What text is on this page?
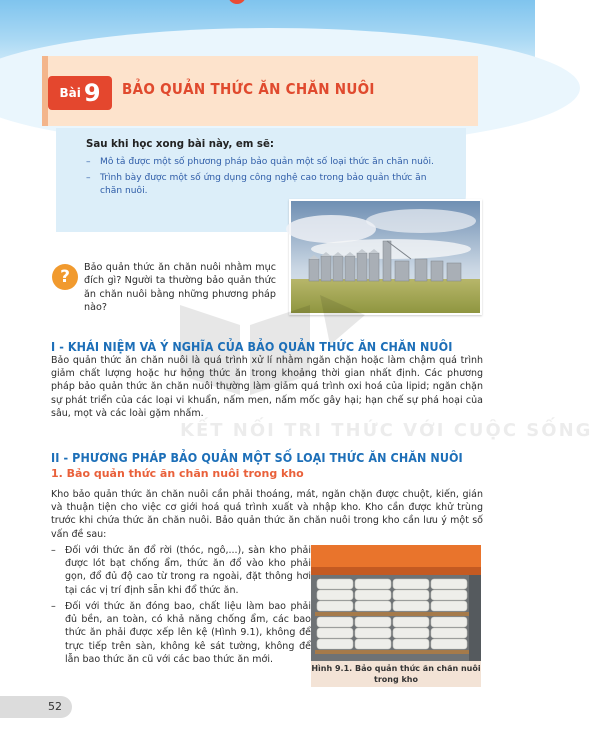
Bài 9 BẢO QUẢN THỨC ĂN CHĂN NUÔI
Sau khi học xong bài này, em sẽ:
– Mô tả được một số phương pháp bảo quản một số loại thức ăn chăn nuôi.
– Trình bày được một số ứng dụng công nghệ cao trong bảo quản thức ăn chăn nuôi.
?	Bảo quản thức ăn chăn nuôi nhằm mục đích gì? Người ta thường bảo quản thức ăn chăn nuôi bằng những phương pháp nào?
KẾT NỐI TRI THỨC VỚI CUỘC SỐNG
I - KHÁI NIỆM VÀ Ý NGHĨA CỦA BẢO QUẢN THỨC ĂN CHĂN NUÔI
Bảo quản thức ăn chăn nuôi là quá trình xử lí nhằm ngăn chặn hoặc làm chậm quá trình giảm chất lượng hoặc hư hỏng thức ăn trong khoảng thời gian nhất định. Các phương pháp bảo quản thức ăn chăn nuôi thường làm giảm quá trình oxi hoá của lipid; ngăn chặn sự phát triển của các loại vi khuẩn, nấm men, nấm mốc gây hại; hạn chế sự phá hoại của sâu, mọt và các loài gặm nhấm.
II - PHƯƠNG PHÁP BẢO QUẢN MỘT SỐ LOẠI THỨC ĂN CHĂN NUÔI
1. Bảo quản thức ăn chăn nuôi trong kho
Kho bảo quản thức ăn chăn nuôi cần phải thoáng, mát, ngăn chặn được chuột, kiến, gián và thuận tiện cho việc cơ giới hoá quá trình xuất và nhập kho. Kho cần được khử trùng trước khi chứa thức ăn chăn nuôi. Bảo quản thức ăn chăn nuôi trong kho cần lưu ý một số vấn đề sau:
– Đối với thức ăn đổ rời (thóc, ngô,...), sàn kho phải được lót bạt chống ẩm, thức ăn đổ vào kho phải gọn, đổ đủ độ cao từ trong ra ngoài, đặt thông hơi tại các vị trí định sẵn khi đổ thức ăn.
– Đối với thức ăn đóng bao, chất liệu làm bao phải đủ bền, an toàn, có khả năng chống ẩm, các bao thức ăn phải được xếp lên kệ (Hình 9.1), không để trực tiếp trên sàn, không kê sát tường, không để lẫn bao thức ăn cũ với các bao thức ăn mới.
Hình 9.1. Bảo quản thức ăn chăn nuôi trong kho
52
